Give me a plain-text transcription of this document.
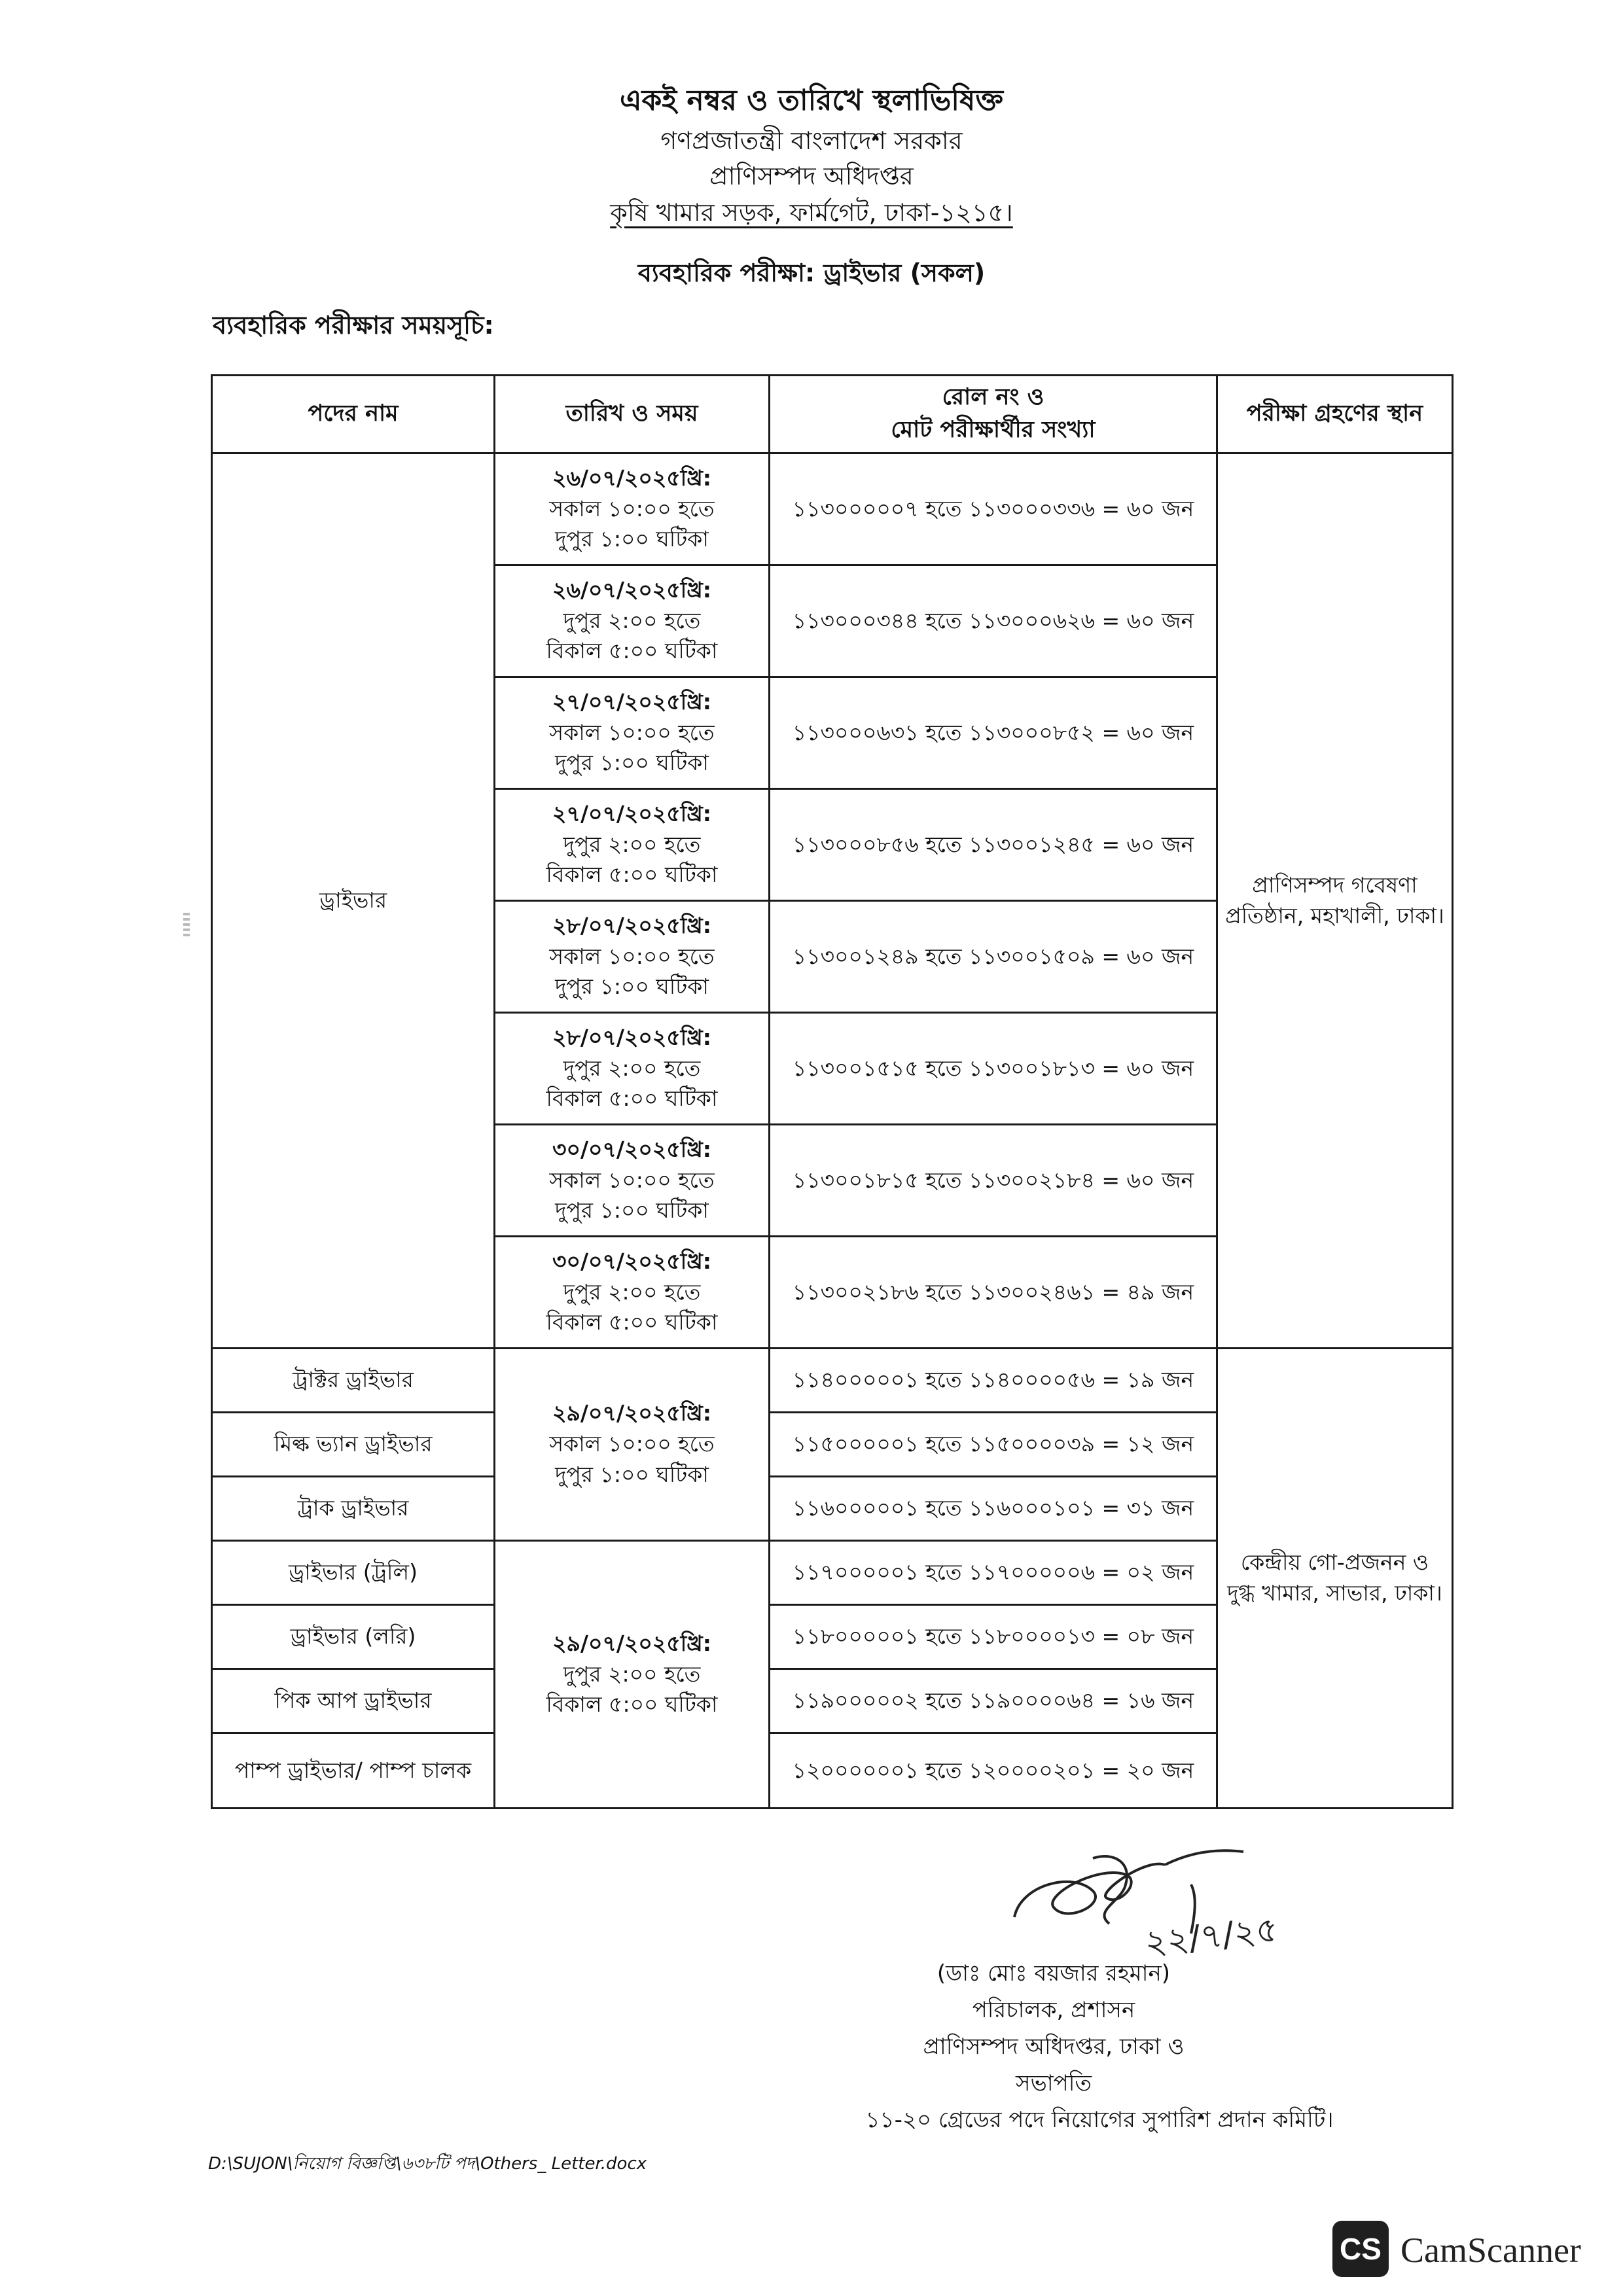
একই নম্বর ও তারিখে স্থলাভিষিক্ত
গণপ্রজাতন্ত্রী বাংলাদেশ সরকার
প্রাণিসম্পদ অধিদপ্তর
কৃষি খামার সড়ক, ফার্মগেট, ঢাকা-১২১৫।
ব্যবহারিক পরীক্ষা: ড্রাইভার (সকল)
ব্যবহারিক পরীক্ষার সময়সূচি:
পদের নাম	তারিখ ও সময়	রোল নং ও
মোট পরীক্ষার্থীর সংখ্যা	পরীক্ষা গ্রহণের স্থান
ড্রাইভার	২৬/০৭/২০২৫খ্রি:
সকাল ১০:০০ হতে
দুপুর ১:০০ ঘটিকা	১১৩০০০০০৭ হতে ১১৩০০০৩৩৬ = ৬০ জন	প্রাণিসম্পদ গবেষণা প্রতিষ্ঠান, মহাখালী, ঢাকা।

	২৬/০৭/২০২৫খ্রি:
দুপুর ২:০০ হতে
বিকাল ৫:০০ ঘটিকা	১১৩০০০৩৪৪ হতে ১১৩০০০৬২৬ = ৬০ জন	

	২৭/০৭/২০২৫খ্রি:
সকাল ১০:০০ হতে
দুপুর ১:০০ ঘটিকা	১১৩০০০৬৩১ হতে ১১৩০০০৮৫২ = ৬০ জন	

	২৭/০৭/২০২৫খ্রি:
দুপুর ২:০০ হতে
বিকাল ৫:০০ ঘটিকা	১১৩০০০৮৫৬ হতে ১১৩০০১২৪৫ = ৬০ জন	

	২৮/০৭/২০২৫খ্রি:
সকাল ১০:০০ হতে
দুপুর ১:০০ ঘটিকা	১১৩০০১২৪৯ হতে ১১৩০০১৫০৯ = ৬০ জন	

	২৮/০৭/২০২৫খ্রি:
দুপুর ২:০০ হতে
বিকাল ৫:০০ ঘটিকা	১১৩০০১৫১৫ হতে ১১৩০০১৮১৩ = ৬০ জন	

	৩০/০৭/২০২৫খ্রি:
সকাল ১০:০০ হতে
দুপুর ১:০০ ঘটিকা	১১৩০০১৮১৫ হতে ১১৩০০২১৮৪ = ৬০ জন	

	৩০/০৭/২০২৫খ্রি:
দুপুর ২:০০ হতে
বিকাল ৫:০০ ঘটিকা	১১৩০০২১৮৬ হতে ১১৩০০২৪৬১ = ৪৯ জন	
ট্রাক্টর ড্রাইভার	২৯/০৭/২০২৫খ্রি:
সকাল ১০:০০ হতে
দুপুর ১:০০ ঘটিকা	১১৪০০০০০১ হতে ১১৪০০০০৫৬ = ১৯ জন	কেন্দ্রীয় গো-প্রজনন ও দুগ্ধ খামার, সাভার, ঢাকা।
মিল্ক ভ্যান ড্রাইভার		১১৫০০০০০১ হতে ১১৫০০০০৩৯ = ১২ জন	
ট্রাক ড্রাইভার		১১৬০০০০০১ হতে ১১৬০০০১০১ = ৩১ জন	
ড্রাইভার (ট্রলি)	২৯/০৭/২০২৫খ্রি:
দুপুর ২:০০ হতে
বিকাল ৫:০০ ঘটিকা	১১৭০০০০০১ হতে ১১৭০০০০০৬ = ০২ জন	
ড্রাইভার (লরি)		১১৮০০০০০১ হতে ১১৮০০০০১৩ = ০৮ জন	
পিক আপ ড্রাইভার		১১৯০০০০০২ হতে ১১৯০০০০৬৪ = ১৬ জন	
পাম্প ড্রাইভার/ পাম্প চালক		১২০০০০০০১ হতে ১২০০০০২০১ = ২০ জন	
২২/৭/২৫
(ডাঃ মোঃ বয়জার রহমান)
পরিচালক, প্রশাসন
প্রাণিসম্পদ অধিদপ্তর, ঢাকা ও
সভাপতি
১১-২০ গ্রেডের পদে নিয়োগের সুপারিশ প্রদান কমিটি।
D:\SUJON\নিয়োগ বিজ্ঞপ্তি\৬৩৮টি পদ\Others_ Letter.docx
CS CamScanner
